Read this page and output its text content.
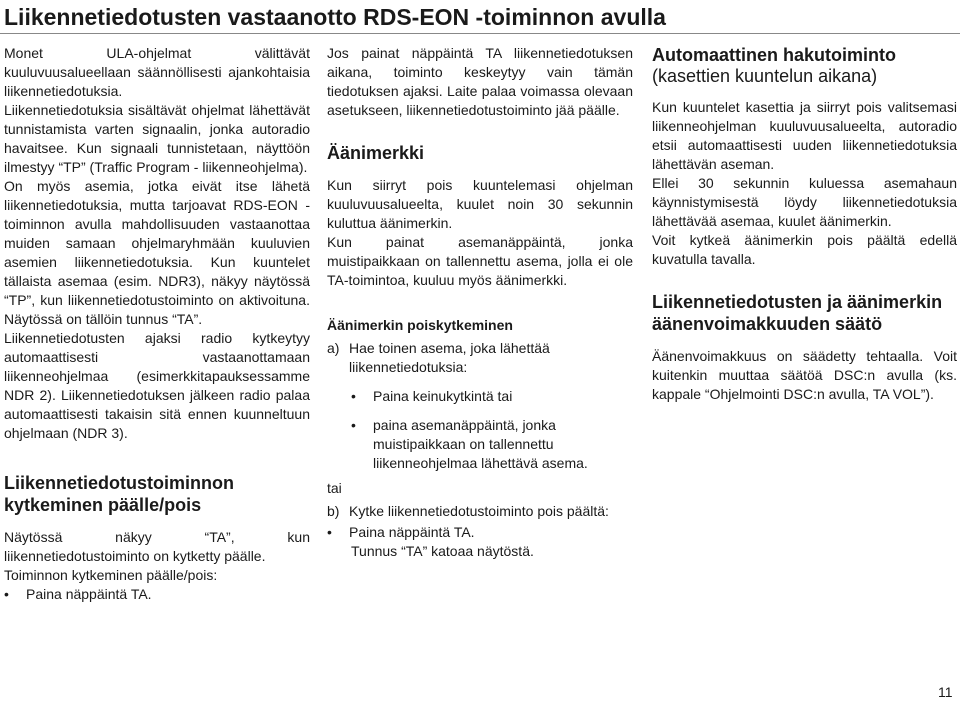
Liikennetiedotusten vastaanotto RDS-EON -toiminnon avulla

Monet ULA-ohjelmat välittävät kuuluvuusalueellaan säännöllisesti ajankohtaisia liikennetiedotuksia.

Liikennetiedotuksia sisältävät ohjelmat lähettävät tunnistamista varten signaalin, jonka autoradio havaitsee. Kun signaali tunnistetaan, näyttöön ilmestyy “TP” (Traffic Program - liikenneohjelma).

On myös asemia, jotka eivät itse lähetä liikennetiedotuksia, mutta tarjoavat RDS-EON -toiminnon avulla mahdollisuuden vastaanottaa muiden samaan ohjelmaryhmään kuuluvien asemien liikennetiedotuksia. Kun kuuntelet tällaista asemaa (esim. NDR3), näkyy näytössä “TP”, kun liikennetiedotustoiminto on aktivoituna. Näytössä on tällöin tunnus “TA”.

Liikennetiedotusten ajaksi radio kytkeytyy automaattisesti vastaanottamaan liikenneohjelmaa (esimerkkitapauksessamme NDR 2). Liikennetiedotuksen jälkeen radio palaa automaattisesti takaisin sitä ennen kuunneltuun ohjelmaan (NDR 3).

Liikennetiedotustoiminnon kytkeminen päälle/pois

Näytössä näkyy “TA”, kun liikennetiedotustoiminto on kytketty päälle.

Toiminnon kytkeminen päälle/pois:

• Paina näppäintä TA.

Jos painat näppäintä TA liikennetiedotuksen aikana, toiminto keskeytyy vain tämän tiedotuksen ajaksi. Laite palaa voimassa olevaan asetukseen, liikennetiedotustoiminto jää päälle.

Äänimerkki

Kun siirryt pois kuuntelemasi ohjelman kuuluvuusalueelta, kuulet noin 30 sekunnin kuluttua äänimerkin.

Kun painat asemanäppäintä, jonka muistipaikkaan on tallennettu asema, jolla ei ole TA-toimintoa, kuuluu myös äänimerkki.

Äänimerkin poiskytkeminen
a) Hae toinen asema, joka lähettää liikennetiedotuksia:
• Paina keinukytkintä tai
• paina asemanäppäintä, jonka muistipaikkaan on tallennettu liikenneohjelmaa lähettävä asema.

tai

b) Kytke liikennetiedotustoiminto pois päältä:
• Paina näppäintä TA.
Tunnus “TA” katoaa näytöstä.
Automaattinen hakutoiminto
(kasettien kuuntelun aikana)

Kun kuuntelet kasettia ja siirryt pois valitsemasi liikenneohjelman kuuluvuusalueelta, autoradio etsii automaattisesti uuden liikennetiedotuksia lähettävän aseman.

Ellei 30 sekunnin kuluessa asemahaun käynnistymisestä löydy liikennetiedotuksia lähettävää asemaa, kuulet äänimerkin.

Voit kytkeä äänimerkin pois päältä edellä kuvatulla tavalla.

Liikennetiedotusten ja äänimerkin äänenvoimakkuuden säätö

Äänenvoimakkuus on säädetty tehtaalla. Voit kuitenkin muuttaa säätöä DSC:n avulla (ks. kappale “Ohjelmointi DSC:n avulla, TA VOL”).

11
